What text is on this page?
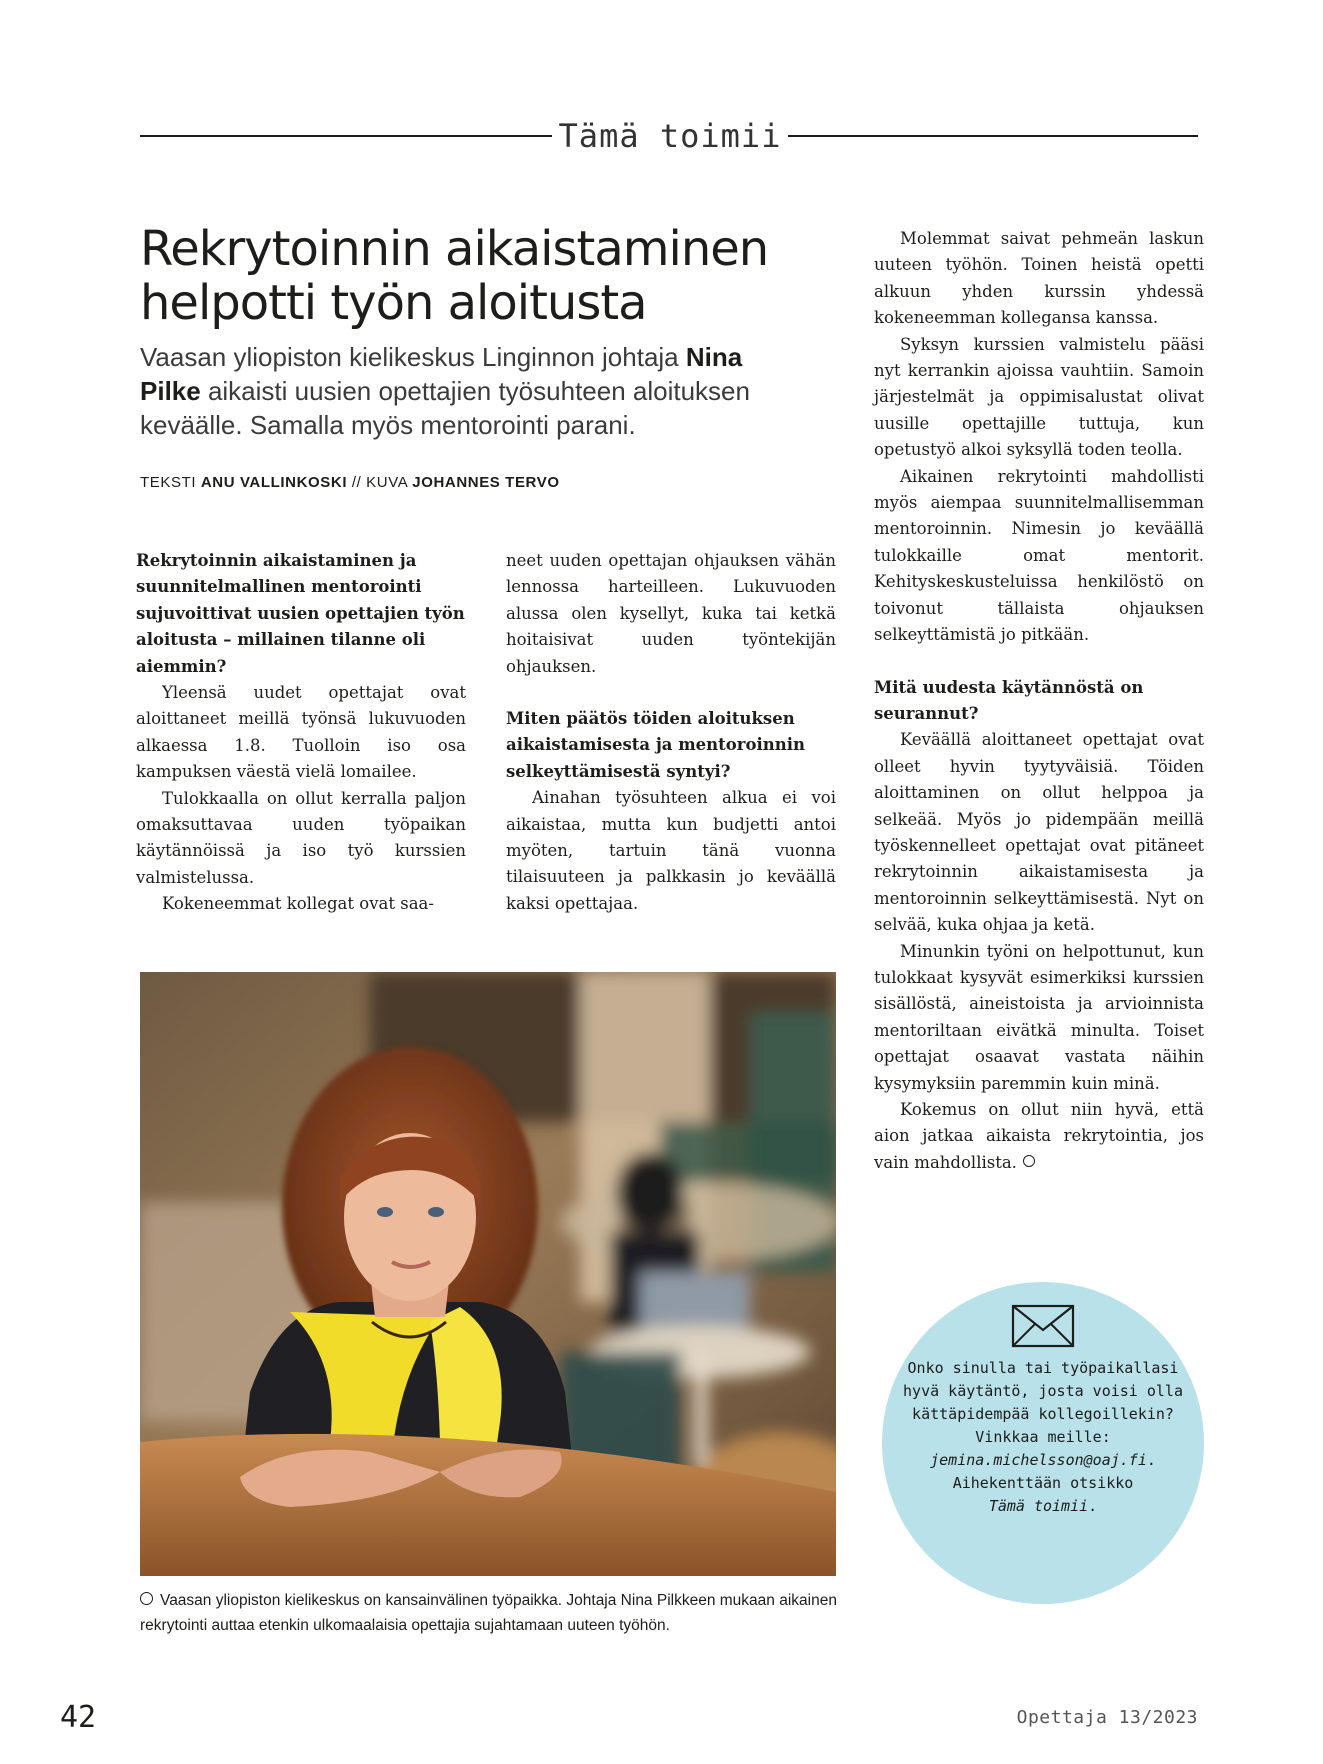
Tämä toimii
Rekrytoinnin aikaistaminen
helpotti työn aloitusta

Vaasan yliopiston kielikeskus Linginnon johtaja Nina Pilke aikaisti uusien opettajien työsuhteen aloituksen keväälle. Samalla myös mentorointi parani.

TEKSTI ANU VALLINKOSKI // KUVA JOHANNES TERVO

Rekrytoinnin aikaistaminen ja suunnitelmallinen mentorointi sujuvoittivat uusien opettajien työn aloitusta – millainen tilanne oli aiemmin?

Yleensä uudet opettajat ovat aloittaneet meillä työnsä lukuvuoden alkaessa 1.8. Tuolloin iso osa kampuksen väestä vielä lomailee.

Tulokkaalla on ollut kerralla paljon omaksuttavaa uuden työpaikan käytännöissä ja iso työ kurssien valmistelussa.

Kokeneemmat kollegat ovat saa-

neet uuden opettajan ohjauksen vähän lennossa harteilleen. Lukuvuoden alussa olen kysellyt, kuka tai ketkä hoitaisivat uuden työntekijän ohjauksen.

Miten päätös töiden aloituksen aikaistamisesta ja mentoroinnin selkeyttämisestä syntyi?

Ainahan työsuhteen alkua ei voi aikaistaa, mutta kun budjetti antoi myöten, tartuin tänä vuonna tilaisuuteen ja palkkasin jo keväällä kaksi opettajaa.

Molemmat saivat pehmeän laskun uuteen työhön. Toinen heistä opetti alkuun yhden kurssin yhdessä kokeneemman kollegansa kanssa.

Syksyn kurssien valmistelu pääsi nyt kerrankin ajoissa vauhtiin. Samoin järjestelmät ja oppimisalustat olivat uusille opettajille tuttuja, kun opetustyö alkoi syksyllä toden teolla.

Aikainen rekrytointi mahdollisti myös aiempaa suunnitelmallisemman mentoroinnin. Nimesin jo keväällä tulokkaille omat mentorit. Kehityskeskusteluissa henkilöstö on toivonut tällaista ohjauksen selkeyttämistä jo pitkään.

Mitä uudesta käytännöstä on seurannut?

Keväällä aloittaneet opettajat ovat olleet hyvin tyytyväisiä. Töiden aloittaminen on ollut helppoa ja selkeää. Myös jo pidempään meillä työskennelleet opettajat ovat pitäneet rekrytoinnin aikaistamisesta ja mentoroinnin selkeyttämisestä. Nyt on selvää, kuka ohjaa ja ketä.

Minunkin työni on helpottunut, kun tulokkaat kysyvät esimerkiksi kurssien sisällöstä, aineistoista ja arvioinnista mentoriltaan eivätkä minulta. Toiset opettajat osaavat vastata näihin kysymyksiin paremmin kuin minä.

Kokemus on ollut niin hyvä, että aion jatkaa aikaista rekrytointia, jos vain mahdollista.

Vaasan yliopiston kielikeskus on kansainvälinen työpaikka. Johtaja Nina Pilkkeen mukaan aikainen rekrytointi auttaa etenkin ulkomaalaisia opettajia sujahtamaan uuteen työhön.

Onko sinulla tai työpaikallasi hyvä käytäntö, josta voisi olla kättäpidempää kollegoillekin? Vinkkaa meille:
jemina.michelsson@oaj.fi.
Aihekenttään otsikko
Tämä toimii.

42	Opettaja 13/2023
